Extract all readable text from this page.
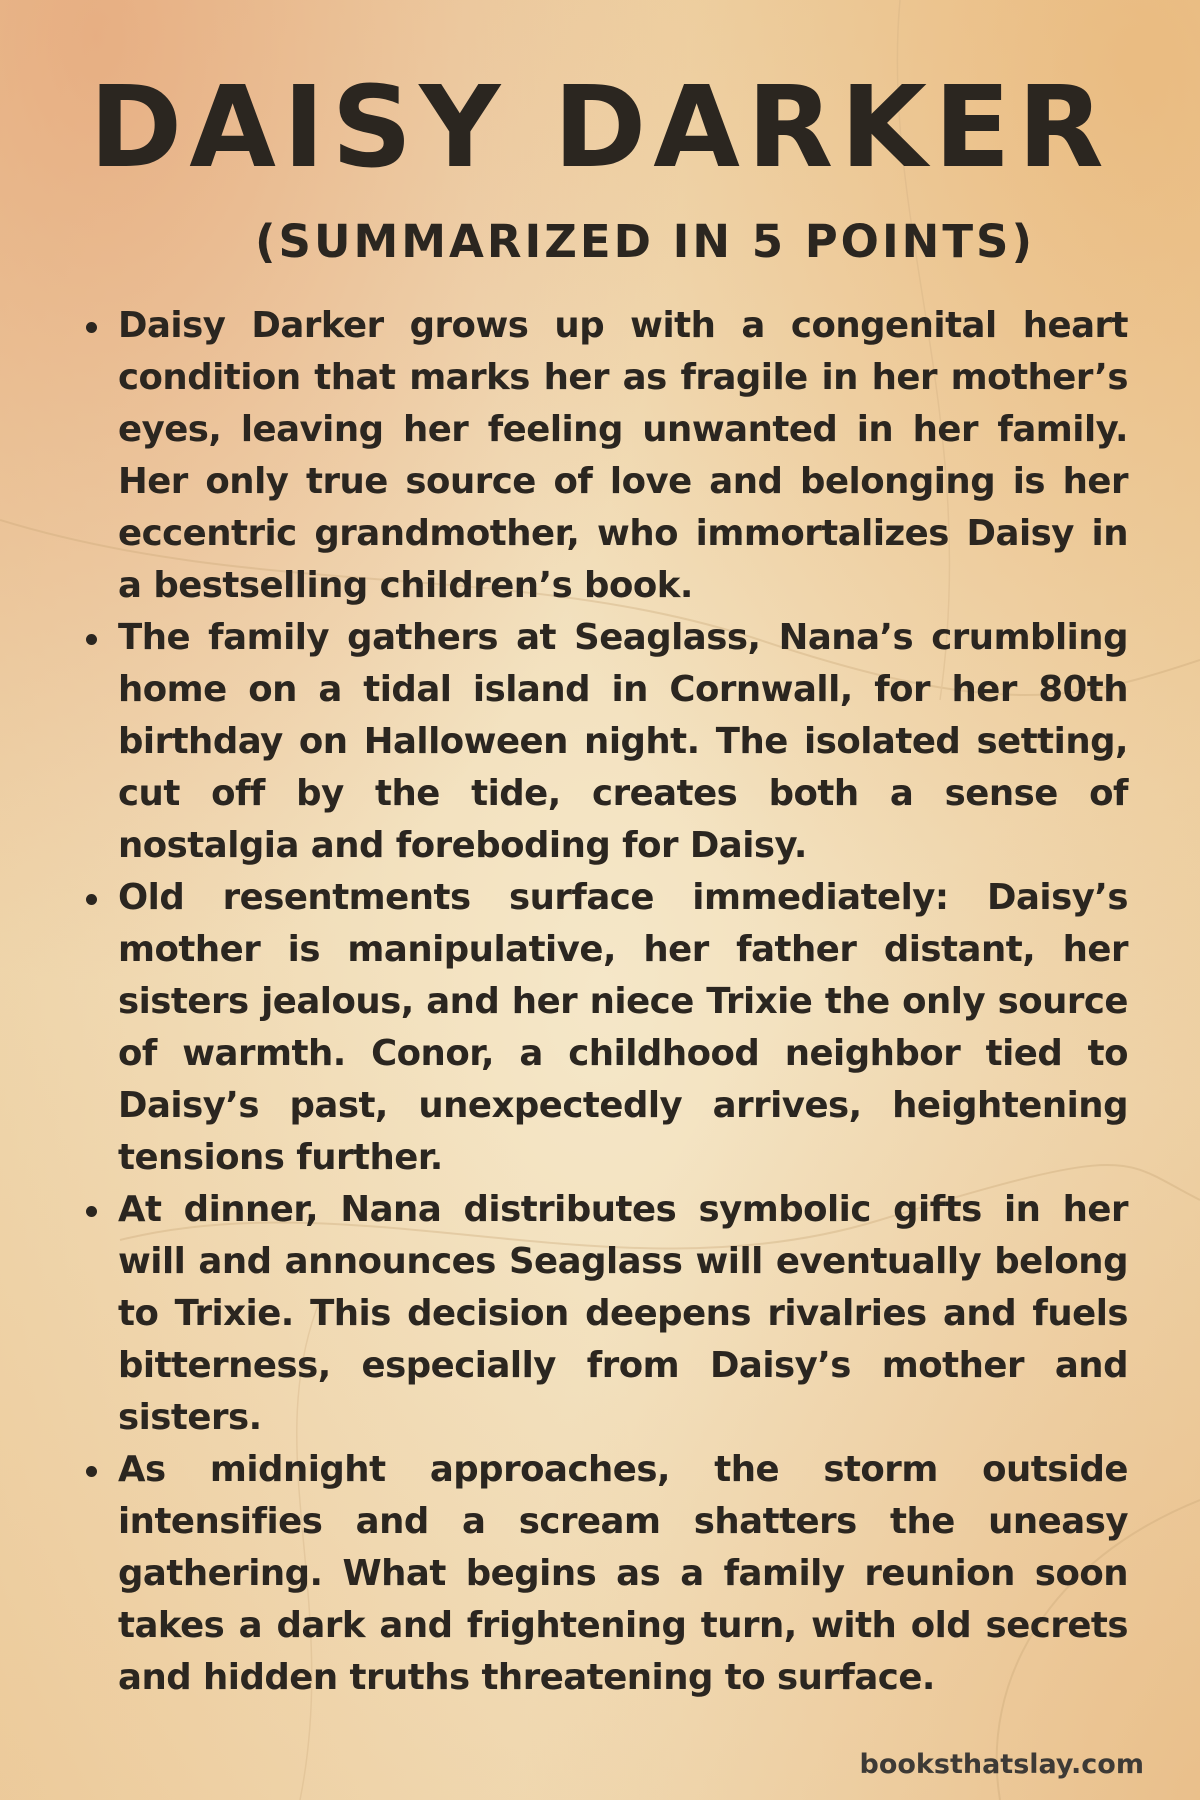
DAISY DARKER
(SUMMARIZED IN 5 POINTS)
Daisy Darker grows up with a congenital heart condition that marks her as fragile in her mother’s eyes, leaving her feeling unwanted in her family. Her only true source of love and belonging is her eccentric grandmother, who immortalizes Daisy in a bestselling children’s book.
The family gathers at Seaglass, Nana’s crumbling home on a tidal island in Cornwall, for her 80th birthday on Halloween night. The isolated setting, cut off by the tide, creates both a sense of nostalgia and foreboding for Daisy.
Old resentments surface immediately: Daisy’s mother is manipulative, her father distant, her sisters jealous, and her niece Trixie the only source of warmth. Conor, a childhood neighbor tied to Daisy’s past, unexpectedly arrives, heightening tensions further.
At dinner, Nana distributes symbolic gifts in her will and announces Seaglass will eventually belong to Trixie. This decision deepens rivalries and fuels bitterness, especially from Daisy’s mother and sisters.
As midnight approaches, the storm outside intensifies and a scream shatters the uneasy gathering. What begins as a family reunion soon takes a dark and frightening turn, with old secrets and hidden truths threatening to surface.

booksthatslay.com
